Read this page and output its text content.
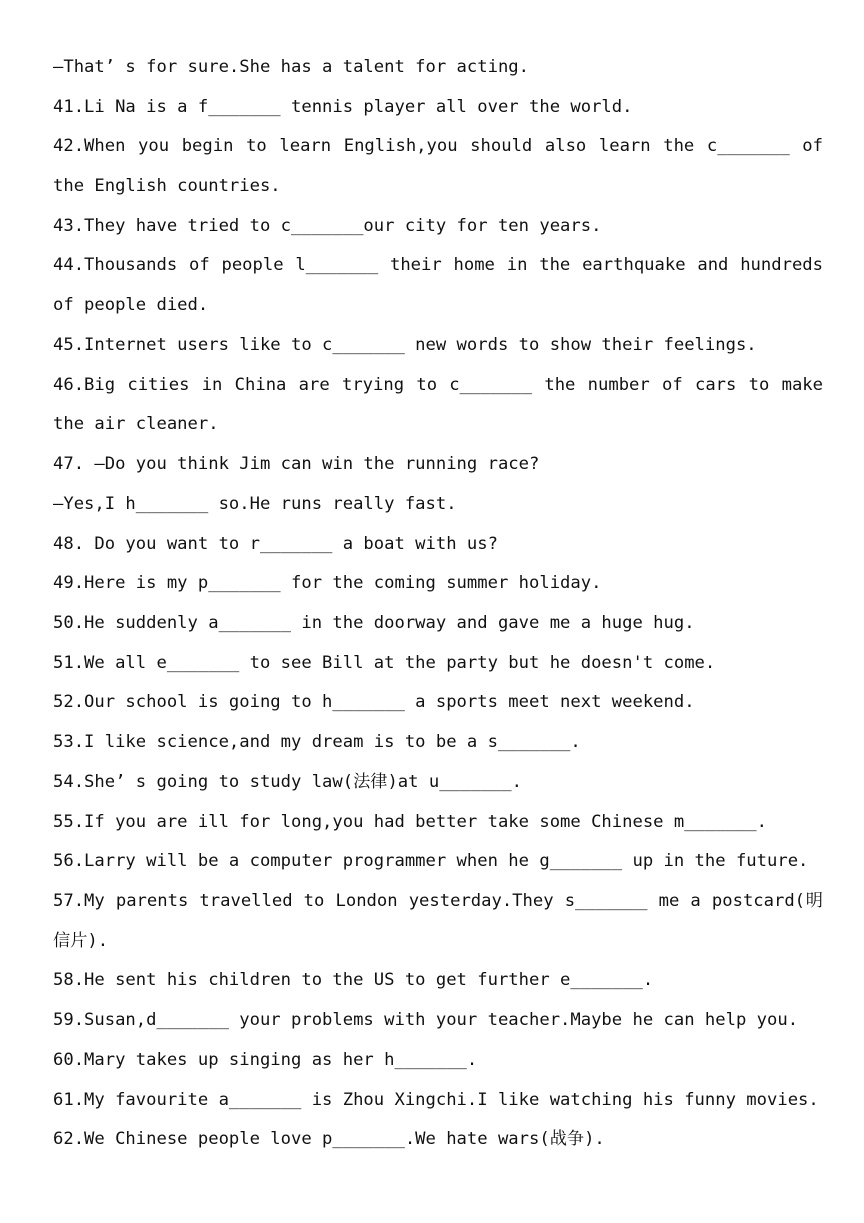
—That’ s for sure.She has a talent for acting.
41.Li Na is a f_______ tennis player all over the world.
42.When you begin to learn English,you should also learn the c_______ of
the English countries.
43.They have tried to c_______our city for ten years.
44.Thousands of people l_______ their home in the earthquake and hundreds
of people died.
45.Internet users like to c_______ new words to show their feelings.
46.Big cities in China are trying to c_______ the number of cars to make
the air cleaner.
47. —Do you think Jim can win the running race?
—Yes,I h_______ so.He runs really fast.
48. Do you want to r_______ a boat with us?
49.Here is my p_______ for the coming summer holiday.
50.He suddenly a_______ in the doorway and gave me a huge hug.
51.We all e_______ to see Bill at the party but he doesn't come.
52.Our school is going to h_______ a sports meet next weekend.
53.I like science,and my dream is to be a s_______.
54.She’ s going to study law(法律)at u_______.
55.If you are ill for long,you had better take some Chinese m_______.
56.Larry will be a computer programmer when he g_______ up in the future.
57.My parents travelled to London yesterday.They s_______ me a postcard(明
信片).
58.He sent his children to the US to get further e_______.
59.Susan,d_______ your problems with your teacher.Maybe he can help you.
60.Mary takes up singing as her h_______.
61.My favourite a_______ is Zhou Xingchi.I like watching his funny movies.
62.We Chinese people love p_______.We hate wars(战争).
